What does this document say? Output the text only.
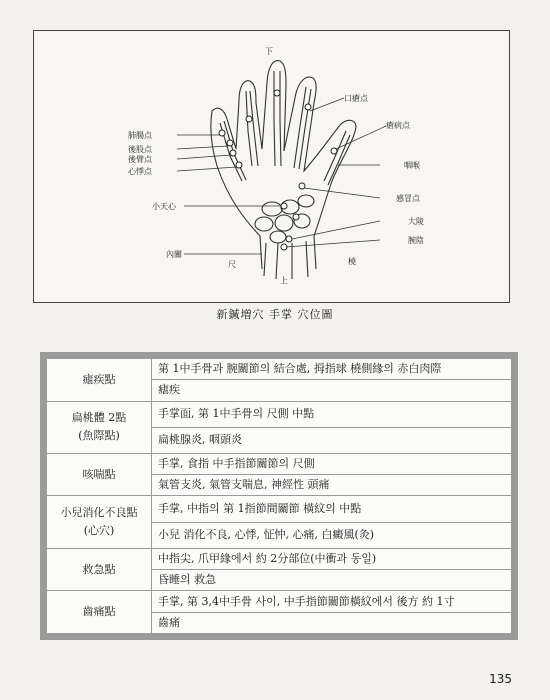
下
口瘡点
瘡病点
肺腸点
後股点
後臂点
心悸点
咽喉
感冒点
小天心
大陵
腕陰
內關
尺	橈
上
新鍼増穴 手掌 穴位圖
瘧疾點	第 1中手骨과 腕關節의 結合處, 拇指球 橈側緣의 赤白肉際
	瘧疾
扁桃體 2點
(魚際點)	手掌面, 第 1中手骨의 尺側 中點
	扁桃腺炎, 咽頭炎
咳喘點	手掌, 食指 中手指節關節의 尺側
	氣管支炎, 氣管支喘息, 神經性 頭痛
小兒消化不良點
(心穴)	手掌, 中指의 第 1指節間關節 橫紋의 中點
	小兒 消化不良, 心悸, 怔忡, 心痛, 白癜風(灸)
救急點	中指尖, 爪甲緣에서 約 2分部位(中衝과 동일)
	昏睡의 救急
齒痛點	手掌, 第 3,4中手骨 사이, 中手指節關節橫紋에서 後方 約 1寸
	齒痛
135
